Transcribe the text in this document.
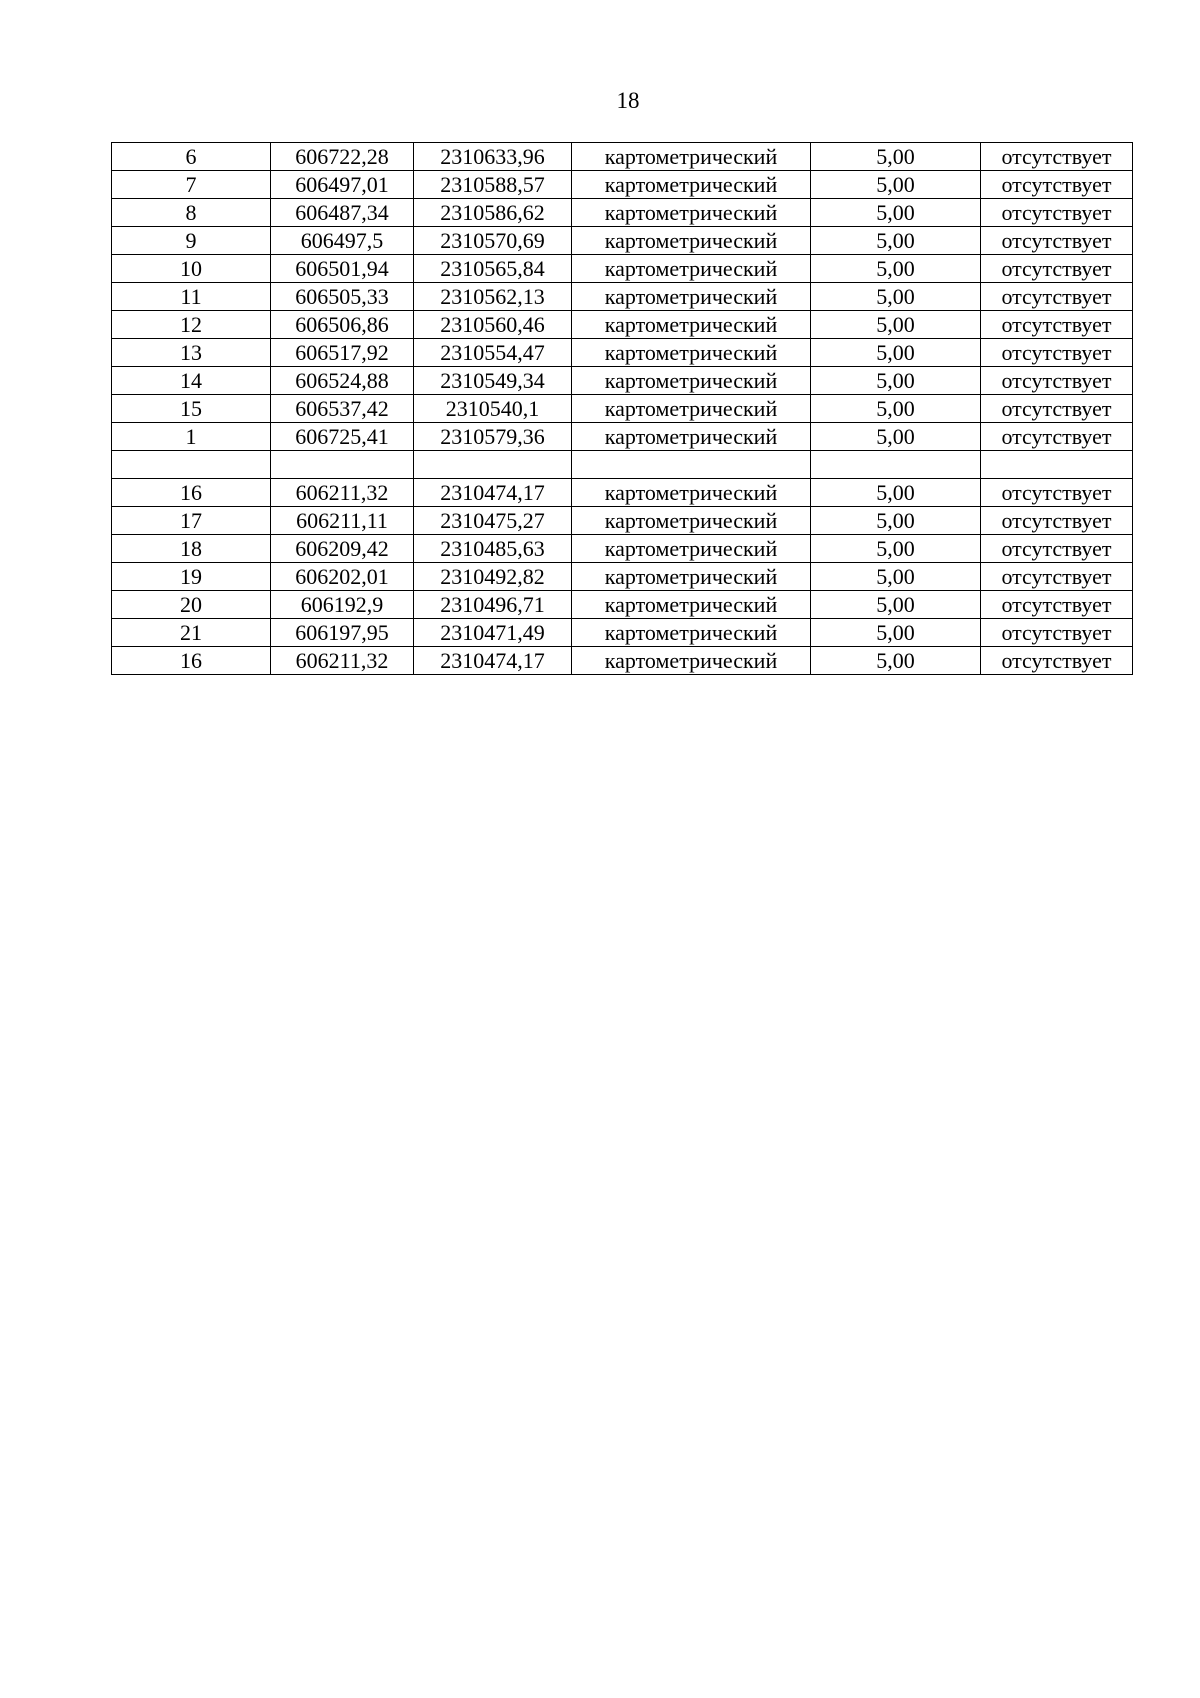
18
6	606722,28	2310633,96	картометрический	5,00	отсутствует
7	606497,01	2310588,57	картометрический	5,00	отсутствует
8	606487,34	2310586,62	картометрический	5,00	отсутствует
9	606497,5	2310570,69	картометрический	5,00	отсутствует
10	606501,94	2310565,84	картометрический	5,00	отсутствует
11	606505,33	2310562,13	картометрический	5,00	отсутствует
12	606506,86	2310560,46	картометрический	5,00	отсутствует
13	606517,92	2310554,47	картометрический	5,00	отсутствует
14	606524,88	2310549,34	картометрический	5,00	отсутствует
15	606537,42	2310540,1	картометрический	5,00	отсутствует
1	606725,41	2310579,36	картометрический	5,00	отсутствует

16	606211,32	2310474,17	картометрический	5,00	отсутствует
17	606211,11	2310475,27	картометрический	5,00	отсутствует
18	606209,42	2310485,63	картометрический	5,00	отсутствует
19	606202,01	2310492,82	картометрический	5,00	отсутствует
20	606192,9	2310496,71	картометрический	5,00	отсутствует
21	606197,95	2310471,49	картометрический	5,00	отсутствует
16	606211,32	2310474,17	картометрический	5,00	отсутствует
